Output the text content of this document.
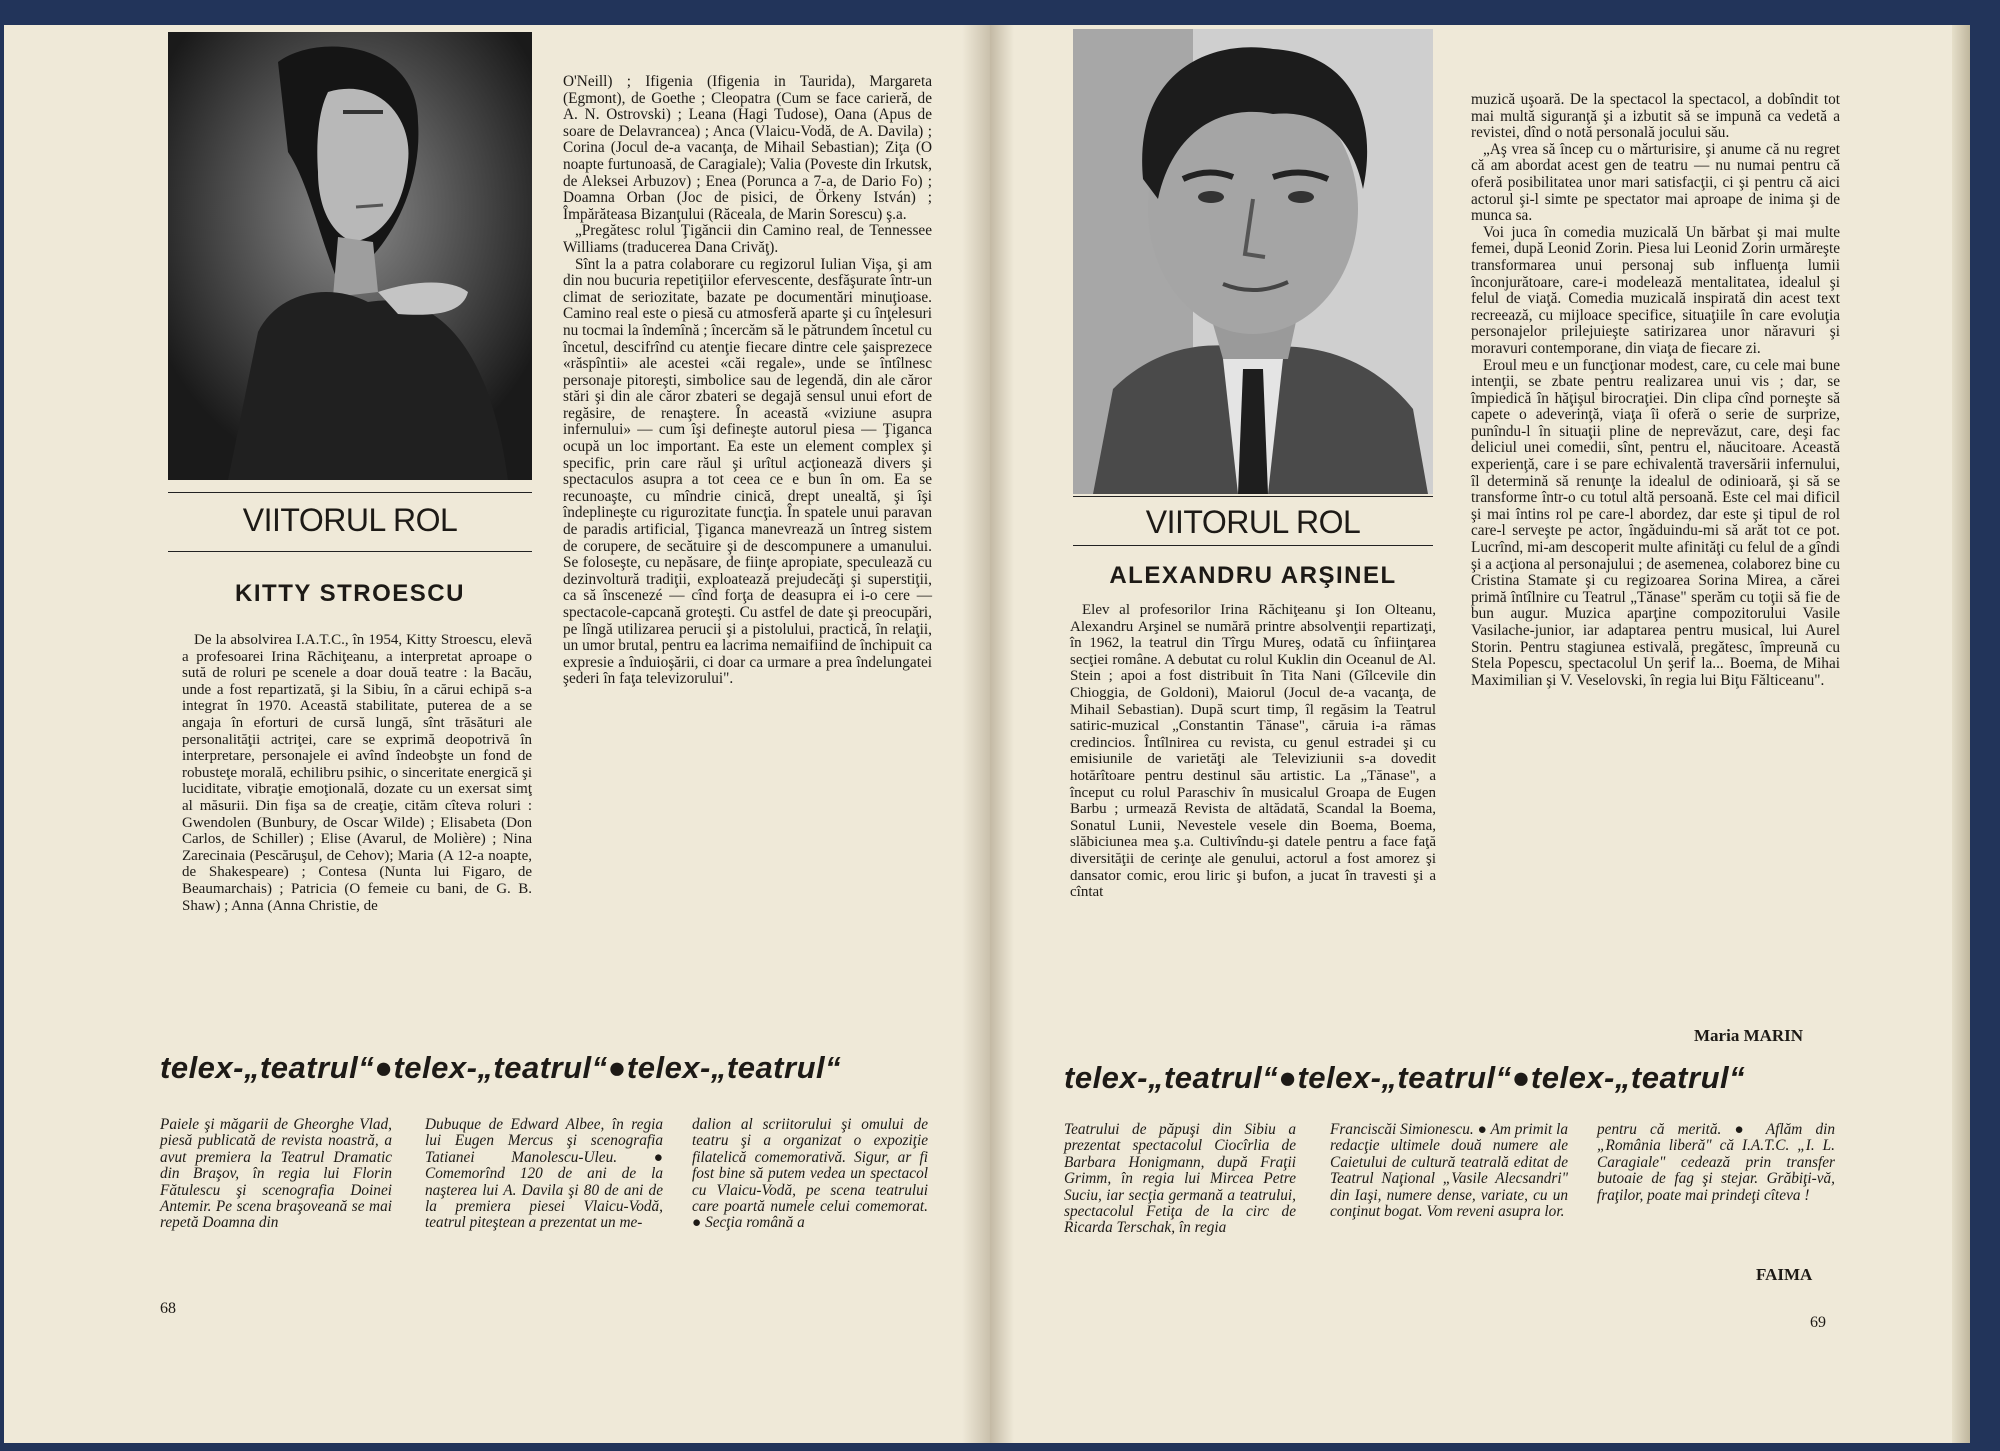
VIITORUL ROL
KITTY STROESCU

De la absolvirea I.A.T.C., în 1954, Kitty Stroescu, elevă a profesoarei Irina Răchiţeanu, a interpretat aproape o sută de roluri pe scenele a doar două teatre : la Bacău, unde a fost repartizată, şi la Sibiu, în a cărui echipă s-a integrat în 1970. Această stabilitate, puterea de a se angaja în eforturi de cursă lungă, sînt trăsături ale personalităţii actriţei, care se exprimă deopotrivă în interpretare, personajele ei avînd îndeobşte un fond de robusteţe morală, echilibru psihic, o sinceritate energică şi luciditate, vibraţie emoţională, dozate cu un exersat simţ al măsurii. Din fişa sa de creaţie, cităm cîteva roluri : Gwendolen (Bunbury, de Oscar Wilde) ; Elisabeta (Don Carlos, de Schiller) ; Elise (Avarul, de Molière) ; Nina Zarecinaia (Pescăruşul, de Cehov); Maria (A 12-a noapte, de Shakespeare) ; Contesa (Nunta lui Figaro, de Beaumarchais) ; Patricia (O femeie cu bani, de G. B. Shaw) ; Anna (Anna Christie, de

O'Neill) ; Ifigenia (Ifigenia in Taurida), Margareta (Egmont), de Goethe ; Cleopatra (Cum se face carieră, de A. N. Ostrovski) ; Leana (Hagi Tudose), Oana (Apus de soare de Delavrancea) ; Anca (Vlaicu-Vodă, de A. Davila) ; Corina (Jocul de-a vacanţa, de Mihail Sebastian); Ziţa (O noapte furtunoasă, de Caragiale); Valia (Poveste din Irkutsk, de Aleksei Arbuzov) ; Enea (Porunca a 7-a, de Dario Fo) ; Doamna Orban (Joc de pisici, de Örkeny István) ; Împărăteasa Bizanţului (Răceala, de Marin Sorescu) ş.a.

„Pregătesc rolul Ţigăncii din Camino real, de Tennessee Williams (traducerea Dana Crivăţ).

Sînt la a patra colaborare cu regizorul Iulian Vişa, şi am din nou bucuria repetiţiilor efervescente, desfăşurate într-un climat de seriozitate, bazate pe documentări minuţioase. Camino real este o piesă cu atmosferă aparte şi cu înţelesuri nu tocmai la îndemînă ; încercăm să le pătrundem încetul cu încetul, descifrînd cu atenţie fiecare dintre cele şaisprezece «răspîntii» ale acestei «căi regale», unde se întîlnesc personaje pitoreşti, simbolice sau de legendă, din ale căror stări şi din ale căror zbateri se degajă sensul unui efort de regăsire, de renaştere. În această «viziune asupra infernului» — cum îşi defineşte autorul piesa — Ţiganca ocupă un loc important. Ea este un element complex şi specific, prin care răul şi urîtul acţionează divers şi spectaculos asupra a tot ceea ce e bun în om. Ea se recunoaşte, cu mîndrie cinică, drept unealtă, şi îşi îndeplineşte cu rigurozitate funcţia. În spatele unui paravan de paradis artificial, Ţiganca manevrează un întreg sistem de corupere, de secătuire şi de descompunere a umanului. Se foloseşte, cu nepăsare, de fiinţe apropiate, speculează cu dezinvoltură tradiţii, exploatează prejudecăţi şi superstiţii, ca să înscenezé — cînd forţa de deasupra ei i-o cere — spectacole-capcană groteşti. Cu astfel de date şi preocupări, pe lîngă utilizarea perucii şi a pistolului, practică, în relaţii, un umor brutal, pentru ea lacrima nemaifiind de închipuit ca expresie a înduioşării, ci doar ca urmare a prea îndelungatei şederi în faţa televizorului".

telex-„teatrul“●telex-„teatrul“●telex-„teatrul“
Paiele şi măgarii de Gheorghe Vlad, piesă publicată de revista noastră, a avut premiera la Teatrul Dramatic din Braşov, în regia lui Florin Fătulescu şi scenografia Doinei Antemir. Pe scena braşoveană se mai repetă Doamna din
Dubuque de Edward Albee, în regia lui Eugen Mercus şi scenografia Tatianei Manolescu-Uleu. ● Comemorînd 120 de ani de la naşterea lui A. Davila şi 80 de ani de la premiera piesei Vlaicu-Vodă, teatrul piteştean a prezentat un me-
dalion al scriitorului şi omului de teatru şi a organizat o expoziţie filatelică comemorativă. Sigur, ar fi fost bine să putem vedea un spectacol cu Vlaicu-Vodă, pe scena teatrului care poartă numele celui comemorat. ● Secţia română a
68
VIITORUL ROL
ALEXANDRU ARŞINEL

Elev al profesorilor Irina Răchiţeanu şi Ion Olteanu, Alexandru Arşinel se numără printre absolvenţii repartizaţi, în 1962, la teatrul din Tîrgu Mureş, odată cu înfiinţarea secţiei române. A debutat cu rolul Kuklin din Oceanul de Al. Stein ; apoi a fost distribuit în Tita Nani (Gîlcevile din Chioggia, de Goldoni), Maiorul (Jocul de-a vacanţa, de Mihail Sebastian). După scurt timp, îl regăsim la Teatrul satiric-muzical „Constantin Tănase", căruia i-a rămas credincios. Întîlnirea cu revista, cu genul estradei şi cu emisiunile de varietăţi ale Televiziunii s-a dovedit hotărîtoare pentru destinul său artistic. La „Tănase", a început cu rolul Paraschiv în musicalul Groapa de Eugen Barbu ; urmează Revista de altădată, Scandal la Boema, Sonatul Lunii, Nevestele vesele din Boema, Boema, slăbiciunea mea ş.a. Cultivîndu-şi datele pentru a face faţă diversităţii de cerinţe ale genului, actorul a fost amorez şi dansator comic, erou liric şi bufon, a jucat în travesti şi a cîntat

muzică uşoară. De la spectacol la spectacol, a dobîndit tot mai multă siguranţă şi a izbutit să se impună ca vedetă a revistei, dînd o notă personală jocului său.

„Aş vrea să încep cu o mărturisire, şi anume că nu regret că am abordat acest gen de teatru — nu numai pentru că oferă posibilitatea unor mari satisfacţii, ci şi pentru că aici actorul şi-l simte pe spectator mai aproape de inima şi de munca sa.

Voi juca în comedia muzicală Un bărbat şi mai multe femei, după Leonid Zorin. Piesa lui Leonid Zorin urmăreşte transformarea unui personaj sub influenţa lumii înconjurătoare, care-i modelează mentalitatea, idealul şi felul de viaţă. Comedia muzicală inspirată din acest text recreează, cu mijloace specifice, situaţiile în care evoluţia personajelor prilejuieşte satirizarea unor năravuri şi moravuri contemporane, din viaţa de fiecare zi.

Eroul meu e un funcţionar modest, care, cu cele mai bune intenţii, se zbate pentru realizarea unui vis ; dar, se împiedică în hăţişul birocraţiei. Din clipa cînd porneşte să capete o adeverinţă, viaţa îi oferă o serie de surprize, punîndu-l în situaţii pline de neprevăzut, care, deşi fac deliciul unei comedii, sînt, pentru el, năucitoare. Această experienţă, care i se pare echivalentă traversării infernului, îl determină să renunţe la idealul de odinioară, şi să se transforme într-o cu totul altă persoană. Este cel mai dificil şi mai întins rol pe care-l abordez, dar este şi tipul de rol care-l serveşte pe actor, îngăduindu-mi să arăt tot ce pot. Lucrînd, mi-am descoperit multe afinităţi cu felul de a gîndi şi a acţiona al personajului ; de asemenea, colaborez bine cu Cristina Stamate şi cu regizoarea Sorina Mirea, a cărei primă întîlnire cu Teatrul „Tănase" sperăm cu toţii să fie de bun augur. Muzica aparţine compozitorului Vasile Vasilache-junior, iar adaptarea pentru musical, lui Aurel Storin. Pentru stagiunea estivală, pregătesc, împreună cu Stela Popescu, spectacolul Un şerif la... Boema, de Mihai Maximilian şi V. Veselovski, în regia lui Biţu Fălticeanu".

Maria MARIN
telex-„teatrul“●telex-„teatrul“●telex-„teatrul“
Teatrului de păpuşi din Sibiu a prezentat spectacolul Ciocîrlia de Barbara Honigmann, după Fraţii Grimm, în regia lui Mircea Petre Suciu, iar secţia germană a teatrului, spectacolul Fetiţa de la circ de Ricarda Terschak, în regia
Franciscăi Simionescu. ● Am primit la redacţie ultimele două numere ale Caietului de cultură teatrală editat de Teatrul Naţional „Vasile Alecsandri" din Iaşi, numere dense, variate, cu un conţinut bogat. Vom reveni asupra lor.
pentru că merită. ● Aflăm din „România liberă" că I.A.T.C. „I. L. Caragiale" cedează prin transfer butoaie de fag şi stejar. Grăbiţi-vă, fraţilor, poate mai prindeţi cîteva !
FAIMA
69
